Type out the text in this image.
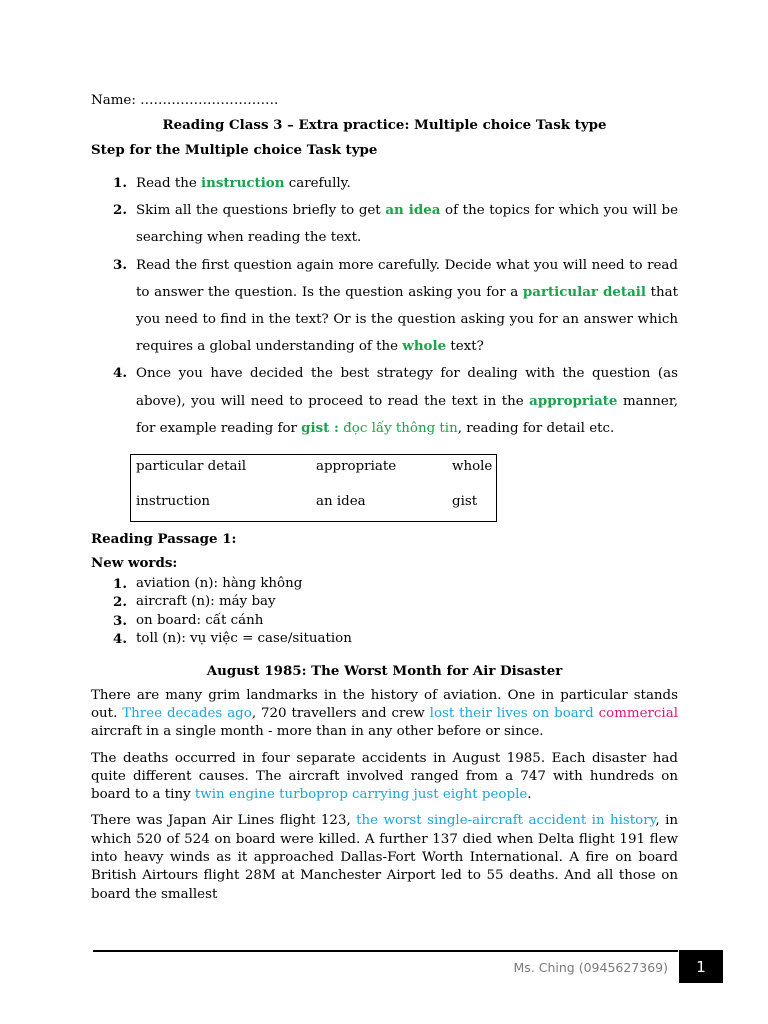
Name: ………………………….

Reading Class 3 – Extra practice: Multiple choice Task type

Step for the Multiple choice Task type

1. Read the instruction carefully.
2. Skim all the questions briefly to get an idea of the topics for which you will be searching when reading the text.
3. Read the first question again more carefully. Decide what you will need to read to answer the question. Is the question asking you for a particular detail that you need to find in the text? Or is the question asking you for an answer which requires a global understanding of the whole text?
4. Once you have decided the best strategy for dealing with the question (as above), you will need to proceed to read the text in the appropriate manner, for example reading for gist : đọc lấy thông tin, reading for detail etc.
particular detail	appropriate	whole
instruction	an idea	gist

Reading Passage 1:

New words:

1. aviation (n): hàng không
2. aircraft (n): máy bay
3. on board: cất cánh
4. toll (n): vụ việc = case/situation

August 1985: The Worst Month for Air Disaster

There are many grim landmarks in the history of aviation. One in particular stands out. Three decades ago, 720 travellers and crew lost their lives on board commercial aircraft in a single month - more than in any other before or since.

The deaths occurred in four separate accidents in August 1985. Each disaster had quite different causes. The aircraft involved ranged from a 747 with hundreds on board to a tiny twin engine turboprop carrying just eight people.

There was Japan Air Lines flight 123, the worst single-aircraft accident in history, in which 520 of 524 on board were killed. A further 137 died when Delta flight 191 flew into heavy winds as it approached Dallas-Fort Worth International. A fire on board British Airtours flight 28M at Manchester Airport led to 55 deaths. And all those on board the smallest

Ms. Ching (0945627369)	1
